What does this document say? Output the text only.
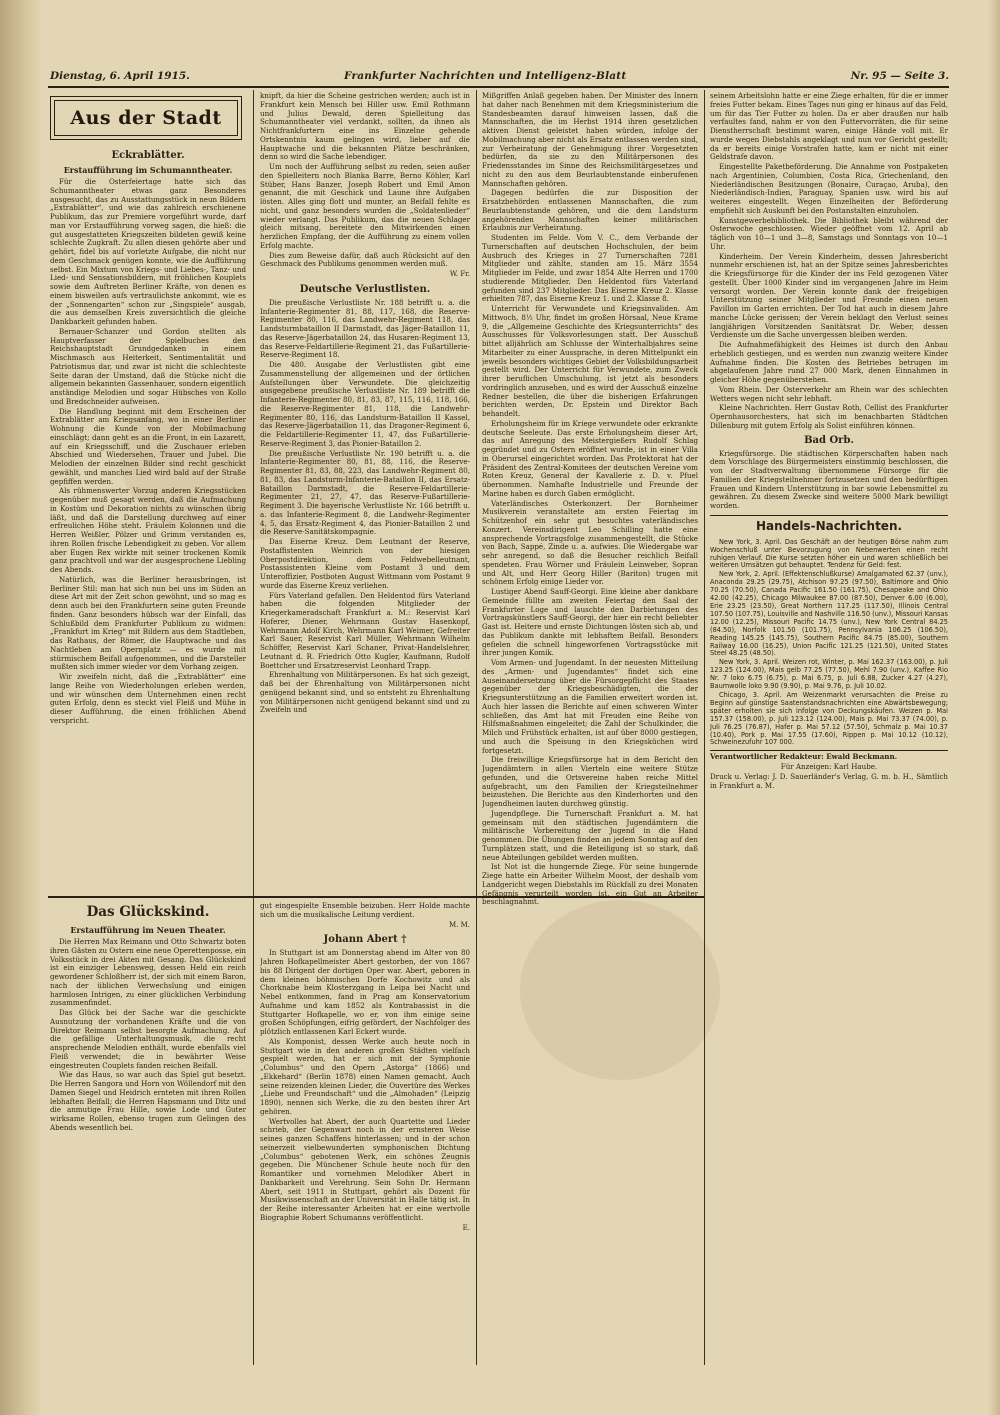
Dienstag, 6. April 1915.	Frankfurter Nachrichten und Intelligenz-Blatt	Nr. 95 — Seite 3.
Aus der Stadt
Eckrablätter.
Erstaufführung im Schumanntheater.

Für die Osterfeiertage hatte sich das Schumanntheater etwas ganz Besonderes ausgesucht, das zu Ausstattungsstück in neun Bildern „Extrablätter“, und wie das zahlreich erschienene Publikum, das zur Premiere vorgeführt wurde, darf man vor Erstaufführung vorweg sagen, die hieß: die gut ausgestatteten Kriegszeiten bildeten gewiß keine schlechte Zugkraft. Zu allen diesen gehörte aber und gehört, fidel bis auf vorletzte Aufgabe, die nicht nur dem Geschmack genügen konnte, wie die Aufführung selbst. Ein Mixtum von Kriegs- und Liebes-, Tanz- und Lied- und Sensationsbildern, mit fröhlichen Kouplets sowie dem Auftreten Berliner Kräfte, von denen es einem bisweilen aufs vertraulichste ankommt, wie es der „Sonnengarten“ schon zur „Singspiele“ ausgab, die aus demselben Kreis zuversichtlich die gleiche Dankbarkeit gefunden haben.

Bernauer-Schanzer und Gordon stellten als Hauptverfasser der Spielbuches den Reichshauptstadt Grundgedanken in einem Mischmasch aus Heiterkeit, Sentimentalität und Patriotismus dar, und zwar ist nicht die schlechteste Seite daran der Umstand, daß die Stücke nicht die allgemein bekannten Gassenhauer, sondern eigentlich anständige Melodien und sogar Hübsches von Kollo und Bredschneider aufweisen.

Die Handlung beginnt mit dem Erscheinen der Extrablätter am Kriegsanfang, wo in einer Berliner Wohnung die Kunde von der Mobilmachung einschlägt; dann geht es an die Front, in ein Lazarett, auf ein Kriegsschiff, und die Zuschauer erleben Abschied und Wiedersehen, Trauer und Jubel. Die Melodien der einzelnen Bilder sind recht geschickt gewählt, und manches Lied wird bald auf der Straße gepfiffen werden.

Als rühmenswerter Vorzug anderen Kriegsstücken gegenüber muß gesagt werden, daß die Aufmachung in Kostüm und Dekoration nichts zu wünschen übrig läßt, und daß die Darstellung durchweg auf einer erfreulichen Höhe steht. Fräulein Kolonnen und die Herren Weißler, Pölzer und Grimm verstanden es, ihren Rollen frische Lebendigkeit zu geben. Vor allem aber Eugen Rex wirkte mit seiner trockenen Komik ganz prachtvoll und war der ausgesprochene Liebling des Abends.

Natürlich, was die Berliner herausbringen, ist Berliner Stil: man hat sich nun bei uns im Süden an diese Art mit der Zeit schon gewöhnt, und so mag es denn auch bei den Frankfurtern seine guten Freunde finden. Ganz besonders hübsch war der Einfall, das Schlußbild dem Frankfurter Publikum zu widmen: „Frankfurt im Krieg“ mit Bildern aus dem Stadtleben, das Rathaus, der Römer, die Hauptwache und das Nachtleben am Opernplatz — es wurde mit stürmischem Beifall aufgenommen, und die Darsteller mußten sich immer wieder vor dem Vorhang zeigen.

Wir zweifeln nicht, daß die „Extrablätter“ eine lange Reihe von Wiederholungen erleben werden, und wir wünschen dem Unternehmen einen recht guten Erfolg, denn es steckt viel Fleiß und Mühe in dieser Aufführung, die einen fröhlichen Abend verspricht.

Das Glückskind.
Erstaufführung im Neuen Theater.

Die Herren Max Reimann und Otto Schwartz boten ihren Gästen zu Ostern eine neue Operettenposse, ein Volksstück in drei Akten mit Gesang. Das Glückskind ist ein einziger Lebensweg, dessen Held ein reich gewordener Schloßherr ist, der sich mit einem Baron, nach der üblichen Verwechslung und einigen harmlosen Intrigen, zu einer glücklichen Verbindung zusammenfindet.

Das Glück bei der Sache war die geschickte Ausnutzung der vorhandenen Kräfte und die von Direktor Reimann selbst besorgte Aufmachung. Auf die gefällige Unterhaltungsmusik, die recht ansprechende Melodien enthält, wurde ebenfalls viel Fleiß verwendet; die in bewährter Weise eingestreuten Couplets fanden reichen Beifall.

Wie das Haus, so war auch das Spiel gut besetzt. Die Herren Sangora und Horn von Wöllendorf mit den Damen Siegel und Heidrich ernteten mit ihren Rollen lebhaften Beifall; die Herren Hapsmann und Ditz und die anmutige Frau Hille, sowie Lode und Guter wirksame Rollen, ebenso trugen zum Gelingen des Abends wesentlich bei.

knipft, da hier die Scheine gestrichen werden; auch ist in Frankfurt kein Mensch bei Hiller usw. Emil Rothmann und Julius Dewald, deren Spielleitung das Schumanntheater viel verdankt, sollten, da ihnen als Nichtfrankfurtern eine ins Einzelne gehende Ortskenntnis kaum gelingen wird, lieber auf die Hauptwache und die bekannten Plätze beschränken, denn so wird die Sache lebendiger.

Um noch der Aufführung selbst zu reden, seien außer den Spielleitern noch Blanka Barre, Berno Köhler, Karl Stüber, Hans Banzer, Joseph Robert und Emil Amon genannt, die mit Geschick und Laune ihre Aufgaben lösten. Alles ging flott und munter, an Beifall fehlte es nicht, und ganz besonders wurden die „Soldatenlieder“ wieder verlangt. Das Publikum, das die neuen Schlager gleich mitsang, bereitete den Mitwirkenden einen herzlichen Empfang, der die Aufführung zu einem vollen Erfolg machte.

Dies zum Beweise dafür, daß auch Rücksicht auf den Geschmack des Publikums genommen werden muß.

W. Fr.
Deutsche Verlustlisten.

Die preußische Verlustliste Nr. 188 betrifft u. a. die Infanterie-Regimenter 81, 88, 117, 168, die Reserve-Regimenter 80, 116, das Landwehr-Regiment 118, das Landsturmbataillon II Darmstadt, das Jäger-Bataillon 11, das Reserve-Jägerbataillon 24, das Husaren-Regiment 13, das Reserve-Feldartillerie-Regiment 21, das Fußartillerie-Reserve-Regiment 18.

Die 480. Ausgabe der Verlustlisten gibt eine Zusammenstellung der allgemeinen und der örtlichen Aufstellungen über Verwundete. Die gleichzeitig ausgegebene preußische Verlustliste Nr. 189 betrifft die Infanterie-Regimenter 80, 81, 83, 87, 115, 116, 118, 166, die Reserve-Regimenter 81, 118, die Landwehr-Regimenter 80, 116, das Landsturm-Bataillon II Kassel, das Reserve-Jägerbataillon 11, das Dragoner-Regiment 6, die Feldartillerie-Regimenter 11, 47, das Fußartillerie-Reserve-Regiment 3, das Pionier-Bataillon 2.

Die preußische Verlustliste Nr. 190 betrifft u. a. die Infanterie-Regimenter 80, 81, 88, 116, die Reserve-Regimenter 81, 83, 88, 223, das Landwehr-Regiment 80, 81, 83, das Landsturm-Infanterie-Bataillon II, das Ersatz-Bataillon Darmstadt, die Reserve-Feldartillerie-Regimenter 21, 27, 47, das Reserve-Fußartillerie-Regiment 3. Die bayerische Verlustliste Nr. 166 betrifft u. a. das Infanterie-Regiment 8, die Landwehr-Regimenter 4, 5, das Ersatz-Regiment 4, das Pionier-Bataillon 2 und die Reserve-Sanitätskompagnie.

Das Eiserne Kreuz. Dem Leutnant der Reserve, Postaffistenten Weinrich von der hiesigen Oberpostdirektion, dem Feldwebelleutnant, Postassistenten Kleine vom Postamt 3 und dem Unteroffizier, Postboten August Wittmann vom Postamt 9 wurde das Eiserne Kreuz verliehen.

Fürs Vaterland gefallen. Den Heldentod fürs Vaterland haben die folgenden Mitglieder der Kriegerkameradschaft Frankfurt a. M.: Reservist Karl Hoferer, Diener, Wehrmann Gustav Hasenkopf, Wehrmann Adolf Kirch, Wehrmann Karl Weimer, Gefreiter Karl Sauer, Reservist Karl Müller, Wehrmann Wilhelm Schöffer, Reservist Karl Schaner, Privat-Handelslehrer, Leutnant d. R. Friedrich Otto Kugler, Kaufmann, Rudolf Boettcher und Ersatzreservist Leonhard Trapp.

Ehrenhaltung von Militärpersonen. Es hat sich gezeigt, daß bei der Ehrenhaltung von Militärpersonen nicht genügend bekannt sind, und so entsteht zu Ehrenhaltung von Militärpersonen nicht genügend bekannt sind und zu Zweifeln und

gut eingespielte Ensemble beizuben. Herr Holde machte sich um die musikalische Leitung verdient.

M. M.
Johann Abert †

In Stuttgart ist am Donnerstag abend im Alter von 80 Jahren Hofkapellmeister Abert gestorben, der von 1867 bis 88 Dirigent der dortigen Oper war. Abert, geboren in dem kleinen böhmischen Dorfe Kochowitz und als Chorknabe beim Klosterzgang in Leipa bei Nacht und Nebel entkommen, fand in Prag am Konservatorium Aufnahme und kam 1852 als Kontrabassist in die Stuttgarter Hofkapelle, wo er, von ihm einige seine großen Schöpfungen, eifrig gefördert, der Nachfolger des plötzlich entlassenen Karl Eckert wurde.

Als Komponist, dessen Werke auch heute noch in Stuttgart wie in den anderen großen Städten vielfach gespielt werden, hat er sich mit der Symphonie „Columbus“ und den Opern „Astorga“ (1866) und „Ekkehard“ (Berlin 1878) einen Namen gemacht. Auch seine reizenden kleinen Lieder, die Ouvertüre des Werkes „Liebe und Freundschaft“ und die „Almohaden“ (Leipzig 1890), nennen sich Werke, die zu den besten ihrer Art gehören.

Wertvolles hat Abert, der auch Quartette und Lieder schrieb, der Gegenwart noch in der ernsteren Weise seines ganzen Schaffens hinterlassen; und in der schon seinerzeit vielbewunderten symphonischen Dichtung „Columbus“ gebotenen Werk, ein schönes Zeugnis gegeben. Die Münchener Schule heute noch für den Romantiker und vornehmen Melodiker Abert in Dankbarkeit und Verehrung. Sein Sohn Dr. Hermann Abert, seit 1911 in Stuttgart, gehört als Dozent für Musikwissenschaft an der Universität in Halle tätig ist. In der Reihe interessanter Arbeiten hat er eine wertvolle Biographie Robert Schumanns veröffentlicht.

E.

Mißgriffen Anlaß gegeben haben. Der Minister des Innern hat daher nach Benehmen mit dem Kriegsministerium die Standesbeamten darauf hinweisen lassen, daß die Mannschaften, die im Herbst 1914 ihren gesetzlichen aktiven Dienst geleistet haben würden, infolge der Mobilmachung aber nicht als Ersatz entlassen werden sind, zur Verheiratung der Genehmigung ihrer Vorgesetzten bedürfen, da sie zu den Militärpersonen des Friedensstandes im Sinne des Reichsmilitärgesetzes und nicht zu den aus dem Beurlaubtenstande einberufenen Mannschaften gehören.

Dagegen bedürfen die zur Disposition der Ersatzbehörden entlassenen Mannschaften, die zum Beurlaubtenstande gehören, und die dem Landsturm angehörenden Mannschaften keiner militärischen Erlaubnis zur Verheiratung.

Studenten im Felde. Vom V. C., dem Verbande der Turnerschaften auf deutschen Hochschulen, der beim Ausbruch des Krieges in 27 Turnerschaften 7281 Mitglieder und zählte, standen am 15. März 3554 Mitglieder im Felde, und zwar 1854 Alte Herren und 1700 studierende Mitglieder. Den Heldentod fürs Vaterland gefunden sind 237 Mitglieder. Das Eiserne Kreuz 2. Klasse erhielten 787, das Eiserne Kreuz 1. und 2. Klasse 8.

Unterricht für Verwundete und Kriegsinvaliden. Am Mittwoch, 8½ Uhr, findet im großen Hörsaal, Neue Krame 9, die „Allgemeine Geschichte des Kriegsunterrichts“ des Ausschusses für Volksvorlesungen statt. Der Ausschuß bittet alljährlich am Schlusse der Winterhalbjahres seine Mitarbeiter zu einer Aussprache, in deren Mittelpunkt ein jeweils besonders wichtiges Gebiet der Volksbildungsarbeit gestellt wird. Der Unterricht für Verwundete, zum Zweck ihrer beruflichen Umschulung, ist jetzt als besonders vordringlich anzusehen, und es wird der Ausschuß einzelne Redner bestellen, die über die bisherigen Erfahrungen berichten werden, Dr. Epstein und Direktor Bach behandelt.

Erholungsheim für im Kriege verwundete oder erkrankte deutsche Seeleute. Das erste Erholungsheim dieser Art, das auf Anregung des Meistergießers Rudolf Schlag gegründet und zu Ostern eröffnet wurde, ist in einer Villa in Oberursel eingerichtet worden. Das Protektorat hat der Präsident des Zentral-Komitees der deutschen Vereine vom Roten Kreuz, General der Kavallerie z. D. v. Pfuel übernommen. Namhafte Industrielle und Freunde der Marine haben es durch Gaben ermöglicht.

Vaterländisches Osterkonzert. Der Bornheimer Musikverein veranstaltete am ersten Feiertag im Schützenhof ein sehr gut besuchtes vaterländisches Konzert. Vereinsdirigent Leo Schilling hatte eine ansprechende Vortragsfolge zusammengestellt, die Stücke von Bach, Sappé, Zinde u. a. aufwies. Die Wiedergabe war sehr anregend, so daß die Besucher reichlich Beifall spendeten. Frau Wörner und Fräulein Leinweber, Sopran und Alt, und Herr Georg Hiller (Bariton) trugen mit schönem Erfolg einige Lieder vor.

Lustiger Abend Sauff-Georgi. Eine kleine aber dankbare Gemeinde füllte am zweiten Feiertag den Saal der Frankfurter Loge und lauschte den Darbietungen des Vortragskünstlers Sauff-Georgi, der hier ein recht beliebter Gast ist. Heitere und ernste Dichtungen lösten sich ab, und das Publikum dankte mit lebhaftem Beifall. Besonders gefielen die schnell hingeworfenen Vortragsstücke mit ihrer jungen Komik.

Vom Armen- und Jugendamt. In der neuesten Mitteilung des „Armen- und Jugendamtes“ findet sich eine Auseinandersetzung über die Fürsorgepflicht des Staates gegenüber der Kriegsbeschädigten, die der Kriegsunterstützung an die Familien erweitert worden ist. Auch hier lassen die Berichte auf einen schweren Winter schließen, das Amt hat mit Freuden eine Reihe von Hilfsmaßnahmen eingeleitet; die Zahl der Schulkinder, die Milch und Frühstück erhalten, ist auf über 8000 gestiegen, und auch die Speisung in den Kriegsküchen wird fortgesetzt.

Die freiwillige Kriegsfürsorge hat in dem Bericht den Jugendämtern in allen Vierteln eine weitere Stütze gefunden, und die Ortsvereine haben reiche Mittel aufgebracht, um den Familien der Kriegsteilnehmer beizustehen. Die Berichte aus den Kinderhorten und den Jugendheimen lauten durchweg günstig.

Jugendpflege. Die Turnerschaft Frankfurt a. M. hat gemeinsam mit den städtischen Jugendämtern die militärische Vorbereitung der Jugend in die Hand genommen. Die Übungen finden an jedem Sonntag auf den Turnplätzen statt, und die Beteiligung ist so stark, daß neue Abteilungen gebildet werden mußten.

Ist Not ist die hungernde Ziege. Für seine hungernde Ziege hatte ein Arbeiter Wilhelm Moost, der deshalb vom Landgericht wegen Diebstahls im Rückfall zu drei Monaten Gefängnis verurteilt worden ist, ein Gut an Arbeiter beschlagnahmt.

seinem Arbeitslohn hatte er eine Ziege erhalten, für die er immer freies Futter bekam. Eines Tages nun ging er hinaus auf das Feld, um für das Tier Futter zu holen. Da er aber draußen nur halb verfaultes fand, nahm er von den Futtervorräten, die für seine Dienstherrschaft bestimmt waren, einige Hände voll mit. Er wurde wegen Diebstahls angeklagt und nun vor Gericht gestellt; da er bereits einige Vorstrafen hatte, kam er nicht mit einer Geldstrafe davon.

Eingestellte Paketbeförderung. Die Annahme von Postpaketen nach Argentinien, Columbien, Costa Rica, Griechenland, den Niederländischen Besitzungen (Bonaire, Curaçao, Aruba), den Niederländisch-Indien, Paraguay, Spanien usw. wird bis auf weiteres eingestellt. Wegen Einzelheiten der Beförderung empfiehlt sich Auskunft bei den Postanstalten einzuholen.

Kunstgewerbebibliothek. Die Bibliothek bleibt während der Osterwoche geschlossen. Wieder geöffnet vom 12. April ab täglich von 10—1 und 3—8, Samstags und Sonntags von 10—1 Uhr.

Kinderheim. Der Verein Kinderheim, dessen Jahresbericht nunmehr erschienen ist, hat an der Spitze seines Jahresberichtes die Kriegsfürsorge für die Kinder der ins Feld gezogenen Väter gestellt. Über 1000 Kinder sind im vergangenen Jahre im Heim versorgt worden. Der Verein konnte dank der freigebigen Unterstützung seiner Mitglieder und Freunde einen neuen Pavillon im Garten errichten. Der Tod hat auch in diesem Jahre manche Lücke gerissen; der Verein beklagt den Verlust seines langjährigen Vorsitzenden Sanitätsrat Dr. Weber, dessen Verdienste um die Sache unvergessen bleiben werden.

Die Aufnahmefähigkeit des Heimes ist durch den Anbau erheblich gestiegen, und es werden nun zwanzig weitere Kinder Aufnahme finden. Die Kosten des Betriebes betrugen im abgelaufenen Jahre rund 27 000 Mark, denen Einnahmen in gleicher Höhe gegenüberstehen.

Vom Rhein. Der Osterverkehr am Rhein war des schlechten Wetters wegen nicht sehr lebhaft.

Kleine Nachrichten. Herr Gustav Roth, Cellist des Frankfurter Opernhausorchesters, hat sich im benachbarten Städtchen Dillenburg mit gutem Erfolg als Solist einführen können.

Bad Orb.

Kriegsfürsorge. Die städtischen Körperschaften haben nach dem Vorschlage des Bürgermeisters einstimmig beschlossen, die von der Stadtverwaltung übernommene Fürsorge für die Familien der Kriegsteilnehmer fortzusetzen und den bedürftigen Frauen und Kindern Unterstützung in bar sowie Lebensmittel zu gewähren. Zu diesem Zwecke sind weitere 5000 Mark bewilligt worden.

Handels-Nachrichten.

New York, 3. April. Das Geschäft an der heutigen Börse nahm zum Wochenschluß unter Bevorzugung von Nebenwerten einen recht ruhigen Verlauf. Die Kurse setzten höher ein und waren schließlich bei weiteren Umsätzen gut behauptet. Tendenz für Geld: fest.

New York, 2. April. (Effektenschlußkurse) Amalgamated 62.37 (unv.), Anaconda 29.25 (29.75), Atchison 97.25 (97.50), Baltimore and Ohio 70.25 (70.50), Canada Pacific 161.50 (161.75), Chesapeake and Ohio 42.00 (42.25), Chicago Milwaukee 87.00 (87.50), Denver 6.00 (6.00), Erie 23.25 (23.50), Great Northern 117.25 (117.50), Illinois Central 107.50 (107.75), Louisville and Nashville 116.50 (unv.), Missouri Kansas 12.00 (12.25), Missouri Pacific 14.75 (unv.), New York Central 84.25 (84.50), Norfolk 101.50 (101.75), Pennsylvania 106.25 (106.50), Reading 145.25 (145.75), Southern Pacific 84.75 (85.00), Southern Railway 16.00 (16.25), Union Pacific 121.25 (121.50), United States Steel 48.25 (48.50).

New York, 3. April. Weizen rot, Winter, p. Mai 162.37 (163.00), p. Juli 123.25 (124.00), Mais gelb 77.25 (77.50), Mehl 7.90 (unv.), Kaffee Rio Nr. 7 loko 6.75 (6.75), p. Mai 6.75, p. Juli 6.88, Zucker 4.27 (4.27), Baumwolle loko 9.90 (9.90), p. Mai 9.76, p. Juli 10.02.

Chicago, 3. April. Am Weizenmarkt verursachten die Preise zu Beginn auf günstige Saatenstandsnachrichten eine Abwärtsbewegung; später erholten sie sich infolge von Deckungskäufen. Weizen p. Mai 157.37 (158.00), p. Juli 123.12 (124.00), Mais p. Mai 73.37 (74.00), p. Juli 76.25 (76.87), Hafer p. Mai 57.12 (57.50), Schmalz p. Mai 10.37 (10.40), Pork p. Mai 17.55 (17.60), Rippen p. Mai 10.12 (10.12), Schweinezufuhr 107 000.

Verantwortlicher Redakteur: Ewald Beckmann.

Für Anzeigen: Karl Haube.

Druck u. Verlag: J. D. Sauerländer's Verlag, G. m. b. H., Sämtlich in Frankfurt a. M.
